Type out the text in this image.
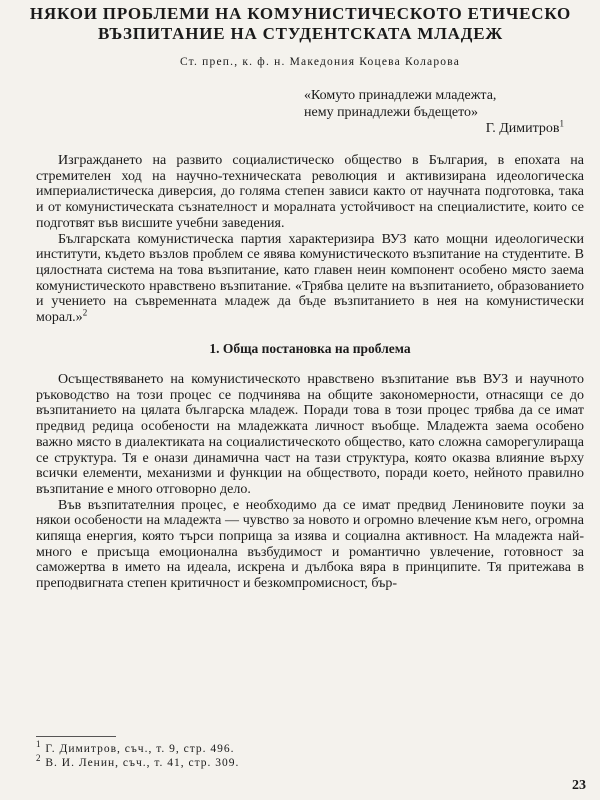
НЯКОИ ПРОБЛЕМИ НА КОМУНИСТИЧЕСКОТО ЕТИЧЕСКО
ВЪЗПИТАНИЕ НА СТУДЕНТСКАТА МЛАДЕЖ
Ст. преп., к. ф. н. Македония Коцева Коларова
«Комуто принадлежи младежта,
нему принадлежи бъдещето»
Г. Димитров$^1$

Изграждането на развито социалистическо общество в България, в епохата на стремителен ход на научно-техническата революция и активизирана идеологическа империалистическа диверсия, до голяма степен зависи както от научната подготовка, така и от комунистическата съзнателност и моралната устойчивост на специалистите, които се подготвят във висшите учебни заведения.

Българската комунистическа партия характеризира ВУЗ като мощни идеологически институти, където възлов проблем се явява комунистическото възпитание на студентите. В цялостната система на това възпитание, като главен неин компонент особено място заема комунистическото нравствено възпитание. «Трябва целите на възпитанието, образованието и учението на съвременната младеж да бъде възпитанието в нея на комунистически морал.»$^2$

1. Обща постановка на проблема

Осъществяването на комунистическото нравствено възпитание във ВУЗ и научното ръководство на този процес се подчинява на общите закономерности, отнасящи се до възпитанието на цялата българска младеж. Поради това в този процес трябва да се имат предвид редица особености на младежката личност въобще. Младежта заема особено важно място в диалектиката на социалистическото общество, като сложна саморегулираща се структура. Тя е онази динамична част на тази структура, която оказва влияние върху всички елементи, механизми и функции на обществото, поради което, нейното правилно възпитание е много отговорно дело.

Във възпитателния процес, е необходимо да се имат предвид Лениновите поуки за някои особености на младежта — чувство за новото и огромно влечение към него, огромна кипяща енергия, която търси поприща за изява и социална активност. На младежта най-много е присъща емоционална възбудимост и романтично увлечение, готовност за саможертва в името на идеала, искрена и дълбока вяра в принципите. Тя притежава в преподвигната степен критичност и безкомпромисност, бър-

$^1$ Г. Димитров, съч., т. 9, стр. 496.
$^2$ В. И. Ленин, съч., т. 41, стр. 309.
23
